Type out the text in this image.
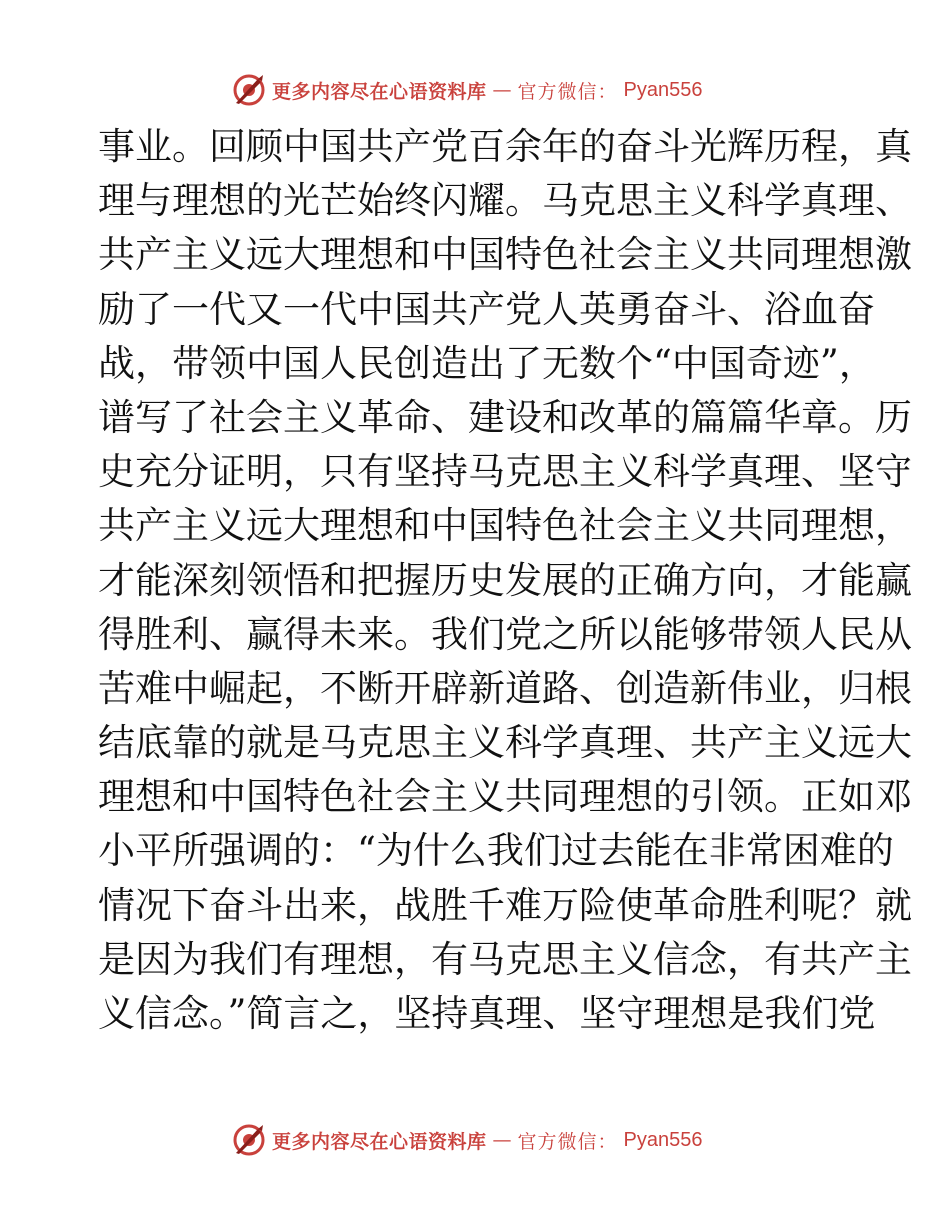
更多内容尽在心语资料库 — 官方微信： Pyan556
事业。回顾中国共产党百余年的奋斗光辉历程，真
理与理想的光芒始终闪耀。马克思主义科学真理、
共产主义远大理想和中国特色社会主义共同理想激
励了一代又一代中国共产党人英勇奋斗、浴血奋
战，带领中国人民创造出了无数个“中国奇迹”，
谱写了社会主义革命、建设和改革的篇篇华章。历
史充分证明，只有坚持马克思主义科学真理、坚守
共产主义远大理想和中国特色社会主义共同理想，
才能深刻领悟和把握历史发展的正确方向，才能赢
得胜利、赢得未来。我们党之所以能够带领人民从
苦难中崛起，不断开辟新道路、创造新伟业，归根
结底靠的就是马克思主义科学真理、共产主义远大
理想和中国特色社会主义共同理想的引领。正如邓
小平所强调的：“为什么我们过去能在非常困难的
情况下奋斗出来，战胜千难万险使革命胜利呢？就
是因为我们有理想，有马克思主义信念，有共产主
义信念。”简言之，坚持真理、坚守理想是我们党
更多内容尽在心语资料库 — 官方微信： Pyan556
